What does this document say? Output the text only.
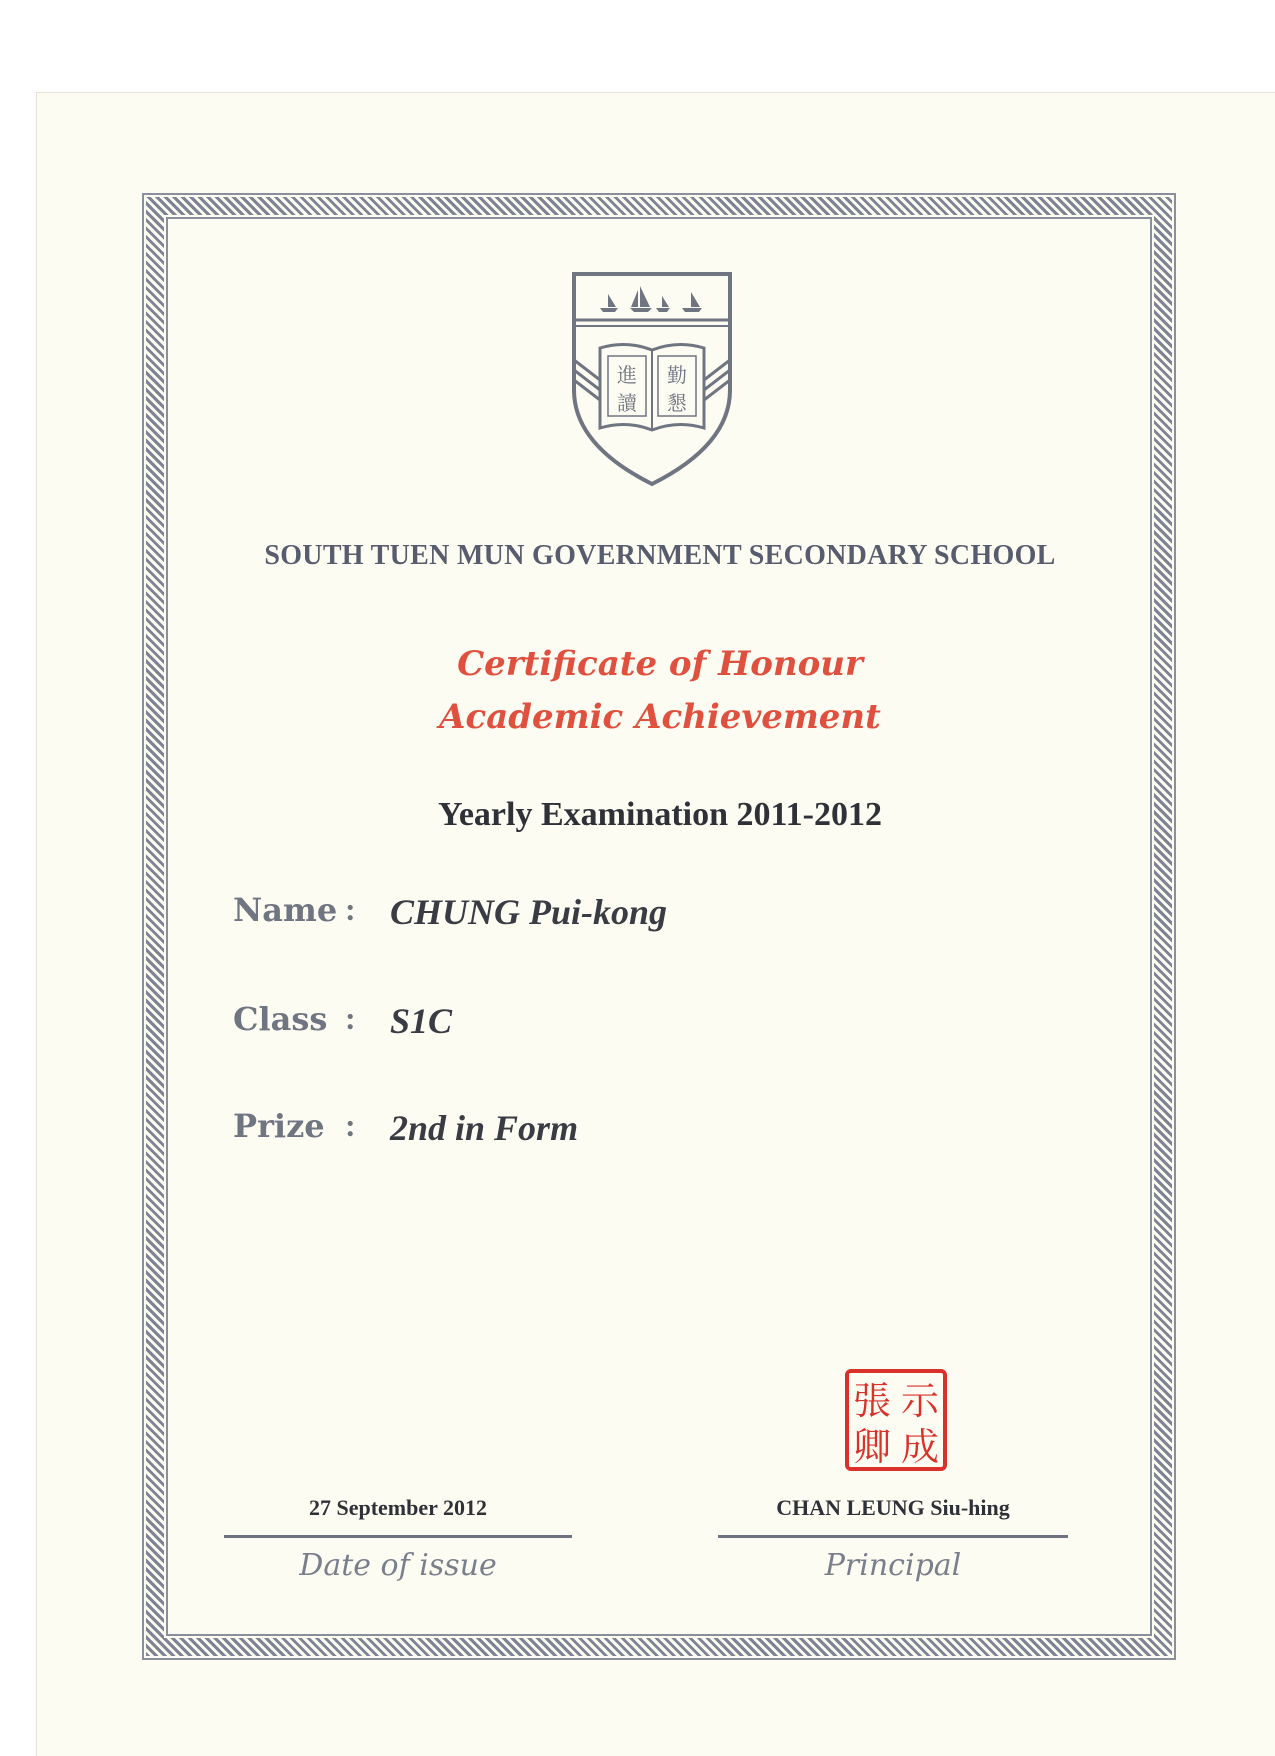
進 勤
讀 懇
SOUTH TUEN MUN GOVERNMENT SECONDARY SCHOOL
Certificate of Honour
Academic Achievement
Yearly Examination 2011-2012
Name : CHUNG Pui-kong
Class : S1C
Prize : 2nd in Form
示
張
成
卿
27 September 2012
Date of issue
CHAN LEUNG Siu-hing
Principal
